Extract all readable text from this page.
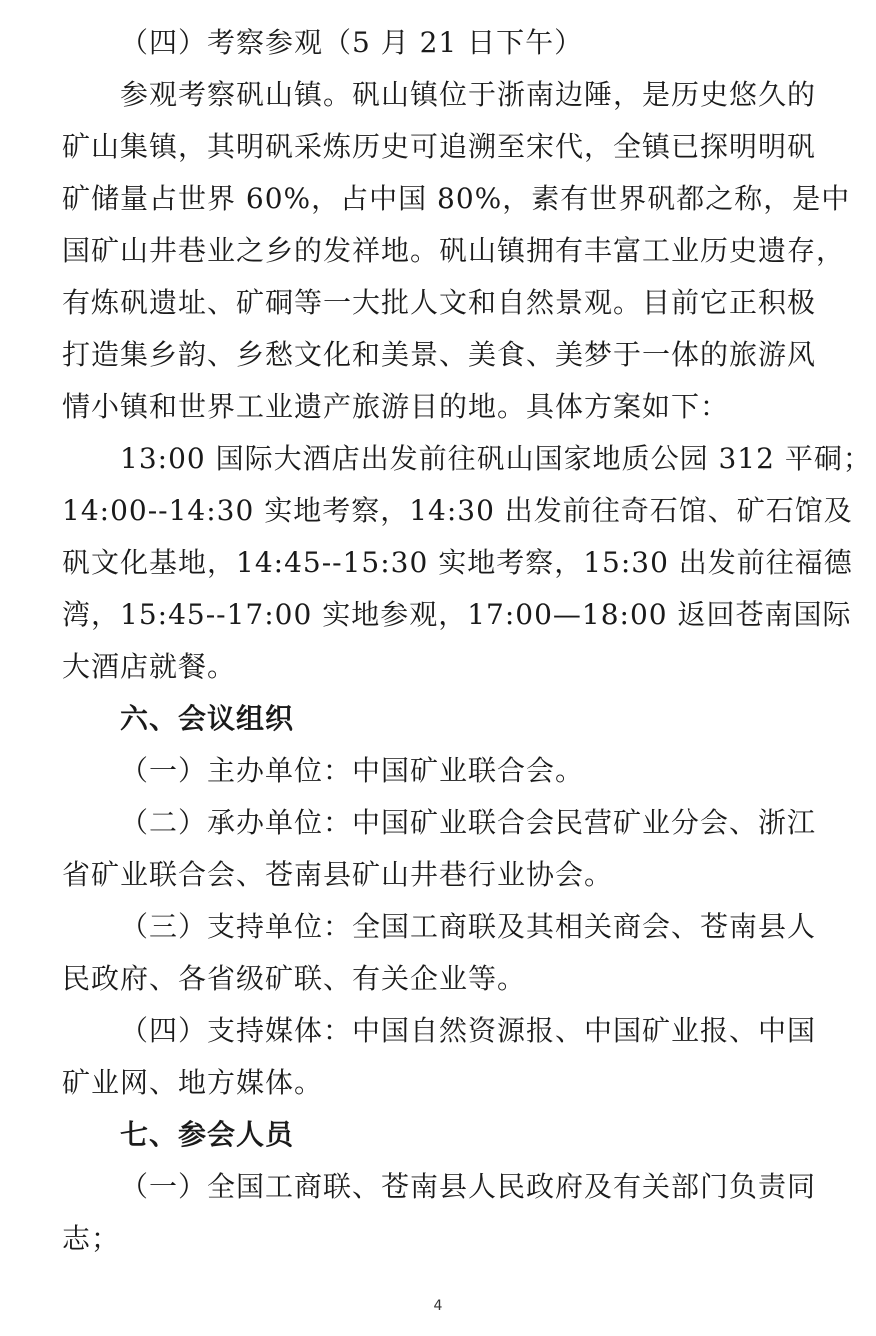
（四）考察参观（5 月 21 日下午）
参观考察矾山镇。矾山镇位于浙南边陲，是历史悠久的
矿山集镇，其明矾采炼历史可追溯至宋代，全镇已探明明矾
矿储量占世界 60%，占中国 80%，素有世界矾都之称，是中
国矿山井巷业之乡的发祥地。矾山镇拥有丰富工业历史遗存，
有炼矾遗址、矿硐等一大批人文和自然景观。目前它正积极
打造集乡韵、乡愁文化和美景、美食、美梦于一体的旅游风
情小镇和世界工业遗产旅游目的地。具体方案如下：
13:00 国际大酒店出发前往矾山国家地质公园 312 平硐；
14:00--14:30 实地考察，14:30 出发前往奇石馆、矿石馆及
矾文化基地，14:45--15:30 实地考察，15:30 出发前往福德
湾，15:45--17:00 实地参观，17:00—18:00 返回苍南国际
大酒店就餐。
六、会议组织
（一）主办单位：中国矿业联合会。
（二）承办单位：中国矿业联合会民营矿业分会、浙江
省矿业联合会、苍南县矿山井巷行业协会。
（三）支持单位：全国工商联及其相关商会、苍南县人
民政府、各省级矿联、有关企业等。
（四）支持媒体：中国自然资源报、中国矿业报、中国
矿业网、地方媒体。
七、参会人员
（一）全国工商联、苍南县人民政府及有关部门负责同
志；
4
